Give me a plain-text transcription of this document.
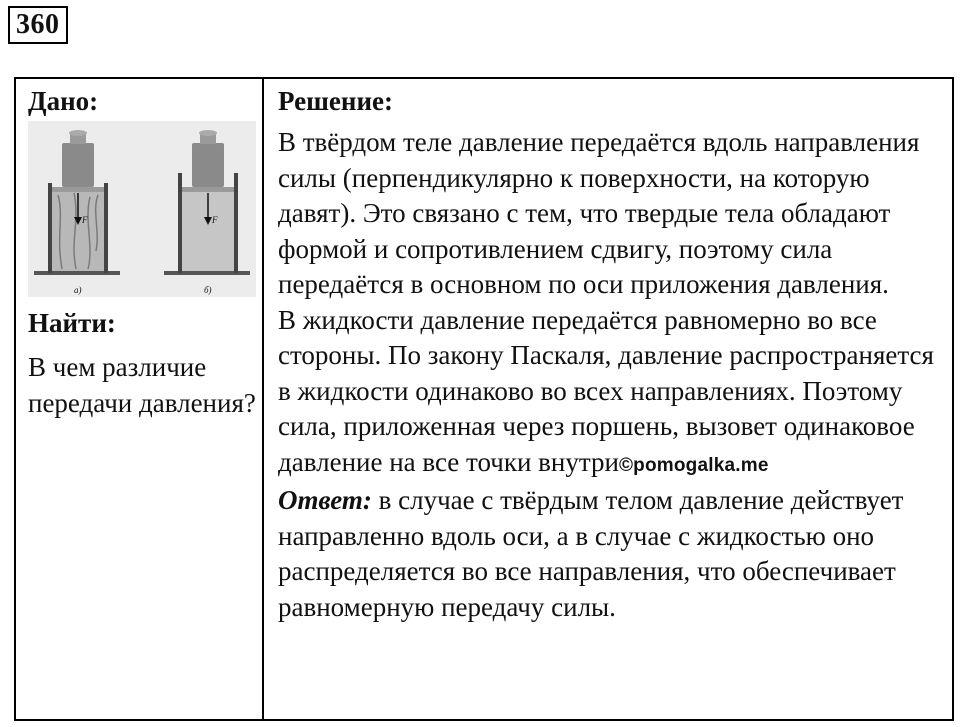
360
Дано:
F
а)
F
б)
Найти:
В чем различие передачи давления?
Решение:

В твёрдом теле давление передаётся вдоль направления силы (перпендикулярно к поверхности, на которую давят). Это связано с тем, что твердые тела обладают формой и сопротивлением сдвигу, поэтому сила передаётся в основном по оси приложения давления.

В жидкости давление передаётся равномерно во все стороны. По закону Паскаля, давление распространяется в жидкости одинаково во всех направлениях. Поэтому сила, приложенная через поршень, вызовет одинаковое давление на все точки внутри©pomogalka.me

Ответ: в случае с твёрдым телом давление действует направленно вдоль оси, а в случае с жидкостью оно распределяется во все направления, что обеспечивает равномерную передачу силы.
